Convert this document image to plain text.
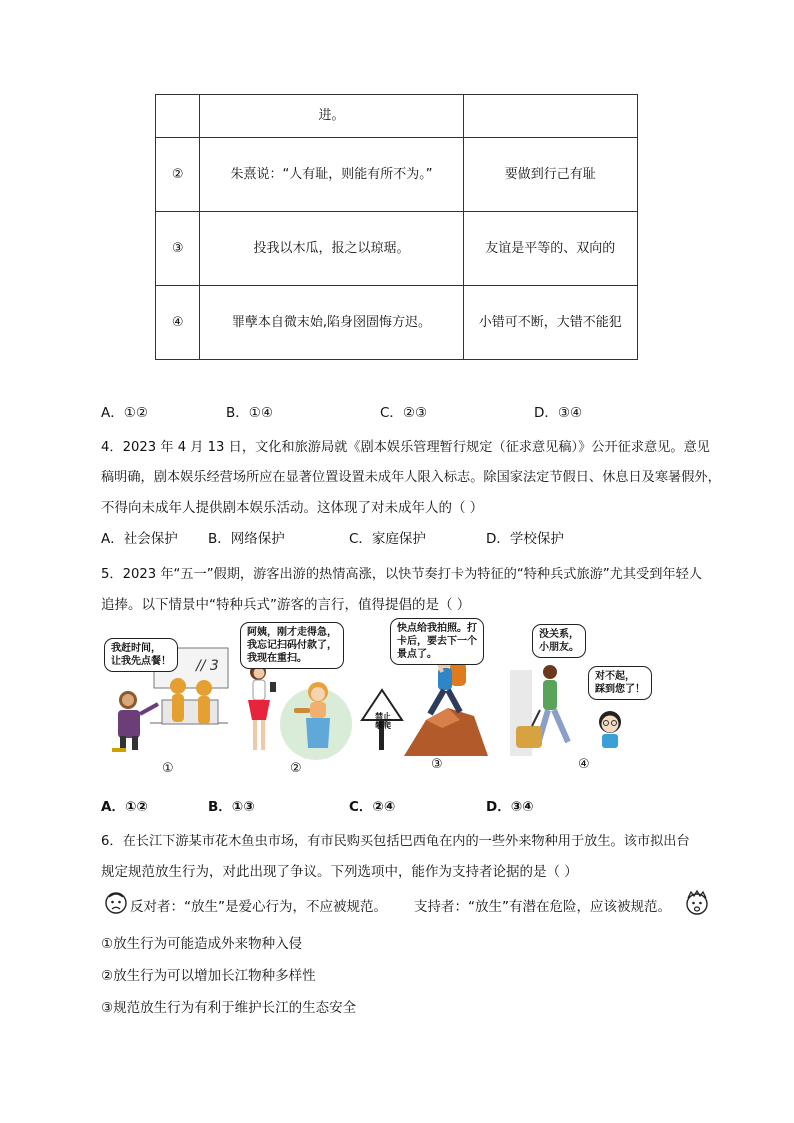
	进。	
②	朱熹说：“人有耻，则能有所不为。”	要做到行己有耻
③	投我以木瓜，报之以琼琚。	友谊是平等的、双向的
④	罪孽本自微末始,陷身囹圄悔方迟。	小错可不断，大错不能犯
A．①②	B．①④	C．②③	D．③④
4．2023 年 4 月 13 日，文化和旅游局就《剧本娱乐管理暂行规定（征求意见稿）》公开征求意见。意见
稿明确，剧本娱乐经营场所应在显著位置设置未成年人限入标志。除国家法定节假日、休息日及寒暑假外，
不得向未成年人提供剧本娱乐活动。这体现了对未成年人的（ ）
A．社会保护 B．网络保护	C．家庭保护	D．学校保护
5．2023 年“五一”假期，游客出游的热情高涨，以快节奏打卡为特征的“特种兵式旅游”尤其受到年轻人
追捧。以下情景中“特种兵式”游客的言行，值得提倡的是（ ）
// 3
我赶时间，
让我先点餐！
①
阿姨，刚才走得急，
我忘记扫码付款了，
我现在重扫。
②
快点给我拍照。打
卡后，要去下一个
景点了。
禁止
攀爬
③
没关系，
小朋友。
对不起，
踩到您了！
④
A．①②	B．①③	C．②④	D．③④
6．在长江下游某市花木鱼虫市场，有市民购买包括巴西龟在内的一些外来物种用于放生。该市拟出台
规定规范放生行为，对此出现了争议。下列选项中，能作为支持者论据的是（ ）
反对者：“放生”是爱心行为，不应被规范。 支持者：“放生”有潜在危险，应该被规范。
①放生行为可能造成外来物种入侵
②放生行为可以增加长江物种多样性
③规范放生行为有利于维护长江的生态安全
